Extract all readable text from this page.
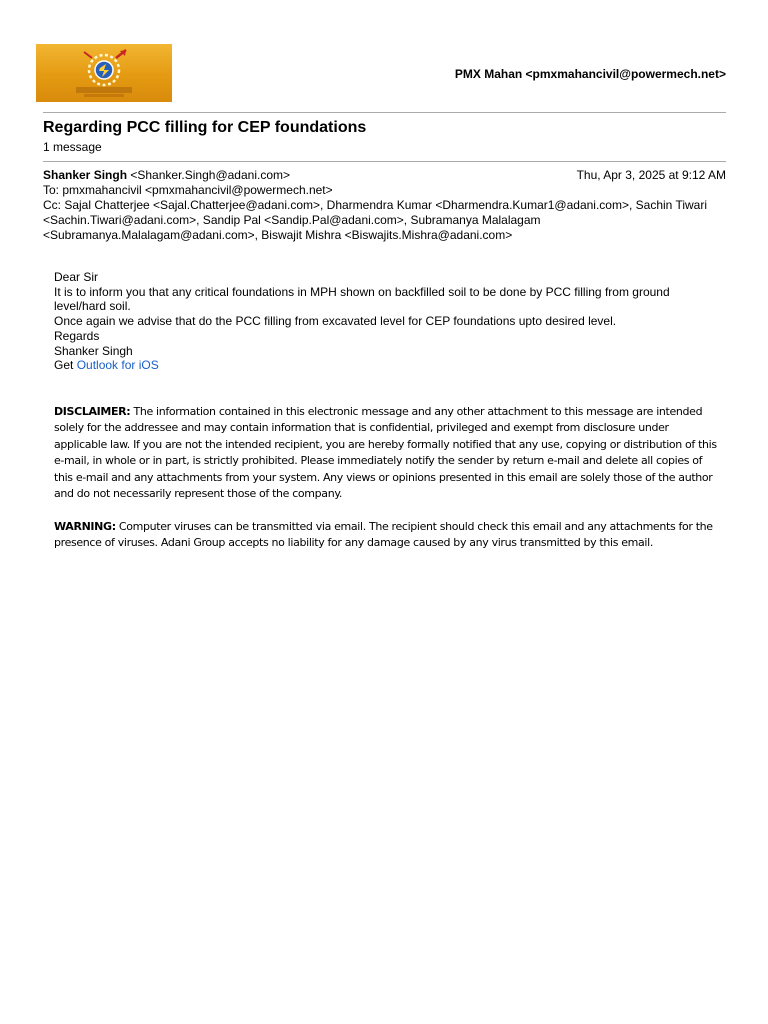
PMX Mahan <pmxmahancivil@powermech.net>
Regarding PCC filling for CEP foundations
1 message
Shanker Singh <Shanker.Singh@adani.com>	Thu, Apr 3, 2025 at 9:12 AM
To: pmxmahancivil <pmxmahancivil@powermech.net>
Cc: Sajal Chatterjee <Sajal.Chatterjee@adani.com>, Dharmendra Kumar <Dharmendra.Kumar1@adani.com>, Sachin Tiwari
<Sachin.Tiwari@adani.com>, Sandip Pal <Sandip.Pal@adani.com>, Subramanya Malalagam
<Subramanya.Malalagam@adani.com>, Biswajit Mishra <Biswajits.Mishra@adani.com>
Dear Sir
It is to inform you that any critical foundations in MPH shown on backfilled soil to be done by PCC filling from ground
level/hard soil.
Once again we advise that do the PCC filling from excavated level for CEP foundations upto desired level.
Regards
Shanker Singh
Get Outlook for iOS
DISCLAIMER: The information contained in this electronic message and any other attachment to this message are intended solely for the addressee and may contain information that is confidential, privileged and exempt from disclosure under applicable law. If you are not the intended recipient, you are hereby formally notified that any use, copying or distribution of this e-mail, in whole or in part, is strictly prohibited. Please immediately notify the sender by return e-mail and delete all copies of this e-mail and any attachments from your system. Any views or opinions presented in this email are solely those of the author and do not necessarily represent those of the company.
WARNING: Computer viruses can be transmitted via email. The recipient should check this email and any attachments for the presence of viruses. Adani Group accepts no liability for any damage caused by any virus transmitted by this email.
